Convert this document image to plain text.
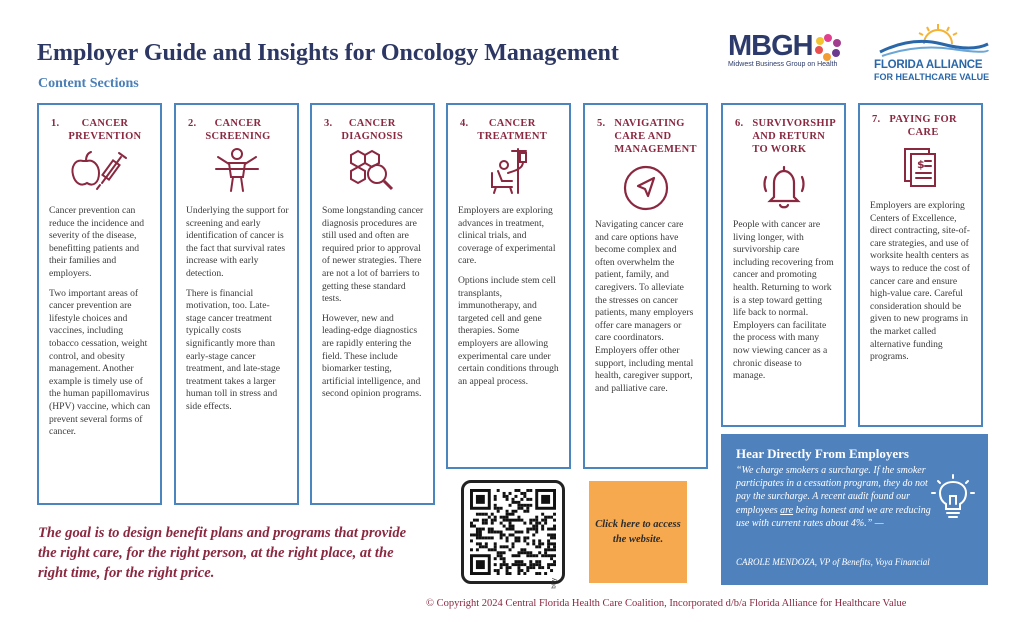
Employer Guide and Insights for Oncology Management
Content Sections
MBGH
Midwest Business Group on Health	FLORIDA ALLIANCE
FOR HEALTHCARE VALUE
1. CANCER
PREVENTION

Cancer prevention can reduce the incidence and severity of the disease, benefitting patients and their families and employers.

Two important areas of cancer prevention are lifestyle choices and vaccines, including tobacco cessation, weight control, and obesity management. Another example is timely use of the human papillomavirus (HPV) vaccine, which can prevent several forms of cancer.

2. CANCER
SCREENING

Underlying the support for screening and early identification of cancer is the fact that survival rates increase with early detection.

There is financial motivation, too. Late-stage cancer treatment typically costs significantly more than early-stage cancer treatment, and late-stage treatment takes a larger human toll in stress and side effects.

3. CANCER
DIAGNOSIS

Some longstanding cancer diagnosis procedures are still used and often are required prior to approval of newer strategies. There are not a lot of barriers to getting these standard tests.

However, new and leading-edge diagnostics are rapidly entering the field. These include biomarker testing, artificial intelligence, and second opinion programs.

4. CANCER
TREATMENT

Employers are exploring advances in treatment, clinical trials, and coverage of experimental care.

Options include stem cell transplants, immunotherapy, and targeted cell and gene therapies. Some employers are allowing experimental care under certain conditions through an appeal process.

5. NAVIGATING
CARE AND
MANAGEMENT

Navigating cancer care and care options have become complex and often overwhelm the patient, family, and caregivers. To alleviate the stresses on cancer patients, many employers offer care managers or care coordinators. Employers offer other support, including mental health, caregiver support, and palliative care.

6. SURVIVORSHIP
AND RETURN
TO WORK

People with cancer are living longer, with survivorship care including recovering from cancer and promoting health. Returning to work is a step toward getting life back to normal. Employers can facilitate the process with many now viewing cancer as a chronic disease to manage.

7. PAYING FOR
CARE
$

Employers are exploring Centers of Excellence, direct contracting, site-of-care strategies, and use of worksite health centers as ways to reduce the cost of cancer care and ensure high-value care. Careful consideration should be given to new programs in the market called alternative funding programs.

The goal is to design benefit plans and programs that provide the right care, for the right person, at the right place, at the right time, for the right price.
bitly
Click here to access the website.
Hear Directly From Employers
“We charge smokers a surcharge. If the smoker participates in a cessation program, they do not pay the surcharge. A recent audit found our employees are being honest and we are reducing use with current rates about 4%.” —
CAROLE MENDOZA, VP of Benefits, Voya Financial
© Copyright 2024 Central Florida Health Care Coalition, Incorporated d/b/a Florida Alliance for Healthcare Value
